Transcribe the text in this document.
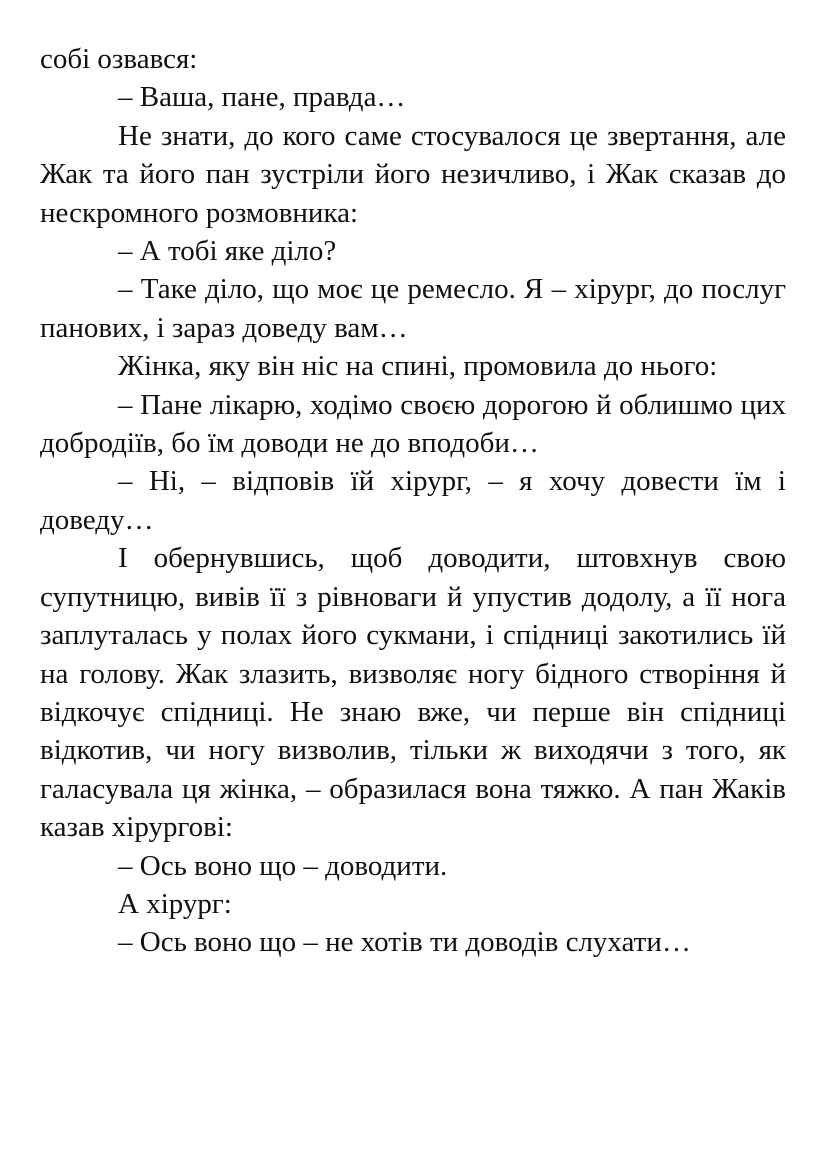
собі озвався:

– Ваша, пане, правда…

Не знати, до кого саме стосувалося це звертання, але Жак та його пан зустріли його незичливо, і Жак сказав до нескромного розмовника:

– А тобі яке діло?

– Таке діло, що моє це ремесло. Я – хірург, до послуг панових, і зараз доведу вам…

Жінка, яку він ніс на спині, промовила до нього:

– Пане лікарю, ходімо своєю дорогою й облишмо цих добродіїв, бо їм доводи не до вподоби…

– Ні, – відповів їй хірург, – я хочу довести їм і доведу…

І обернувшись, щоб доводити, штовхнув свою супутницю, вивів її з рівноваги й упустив додолу, а її нога заплуталась у полах його сукмани, і спідниці закотились їй на голову. Жак злазить, визволяє ногу бідного створіння й відкочує спідниці. Не знаю вже, чи перше він спідниці відкотив, чи ногу визволив, тільки ж виходячи з того, як галасувала ця жінка, – образилася вона тяжко. А пан Жаків казав хірургові:

– Ось воно що – доводити.

А хірург:

– Ось воно що – не хотів ти доводів слухати…
